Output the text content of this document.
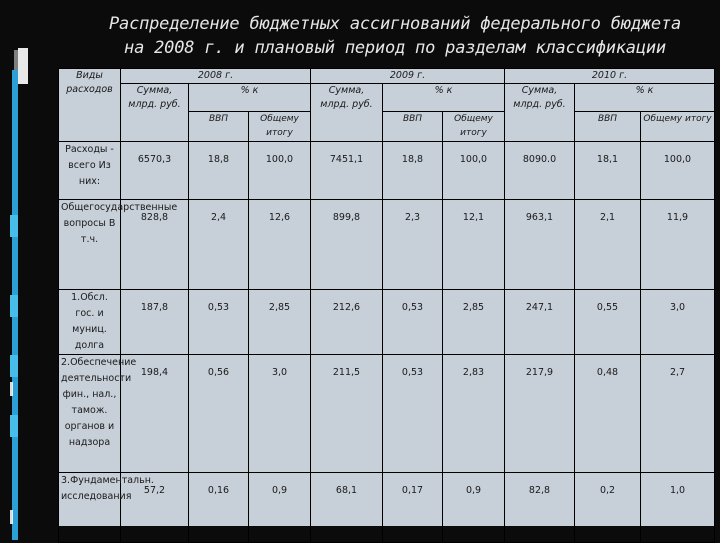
Распределение бюджетных ассигнований федерального бюджета
на 2008 г. и плановый период по разделам классификации
Виды расходов	2008 г.			2009 г.			2010 г.		
	Сумма, млрд. руб.	% к		Сумма, млрд. руб.	% к		Сумма, млрд. руб.	% к	
		ВВП	Общему итогу		ВВП	Общему итогу		ВВП	Общему итогу
Расходы - всего Из них:	6570,3	18,8	100,0	7451,1	18,8	100,0	8090.0	18,1	100,0
Общегосударственные вопросы В т.ч.	828,8	2,4	12,6	899,8	2,3	12,1	963,1	2,1	11,9
1.Обсл. гос. и муниц. долга	187,8	0,53	2,85	212,6	0,53	2,85	247,1	0,55	3,0
2.Обеспечение деятельности фин., нал., тамож. органов и надзора	198,4	0,56	3,0	211,5	0,53	2,83	217,9	0,48	2,7
3.Фундаментальн. исследования	57,2	0,16	0,9	68,1	0,17	0,9	82,8	0,2	1,0
